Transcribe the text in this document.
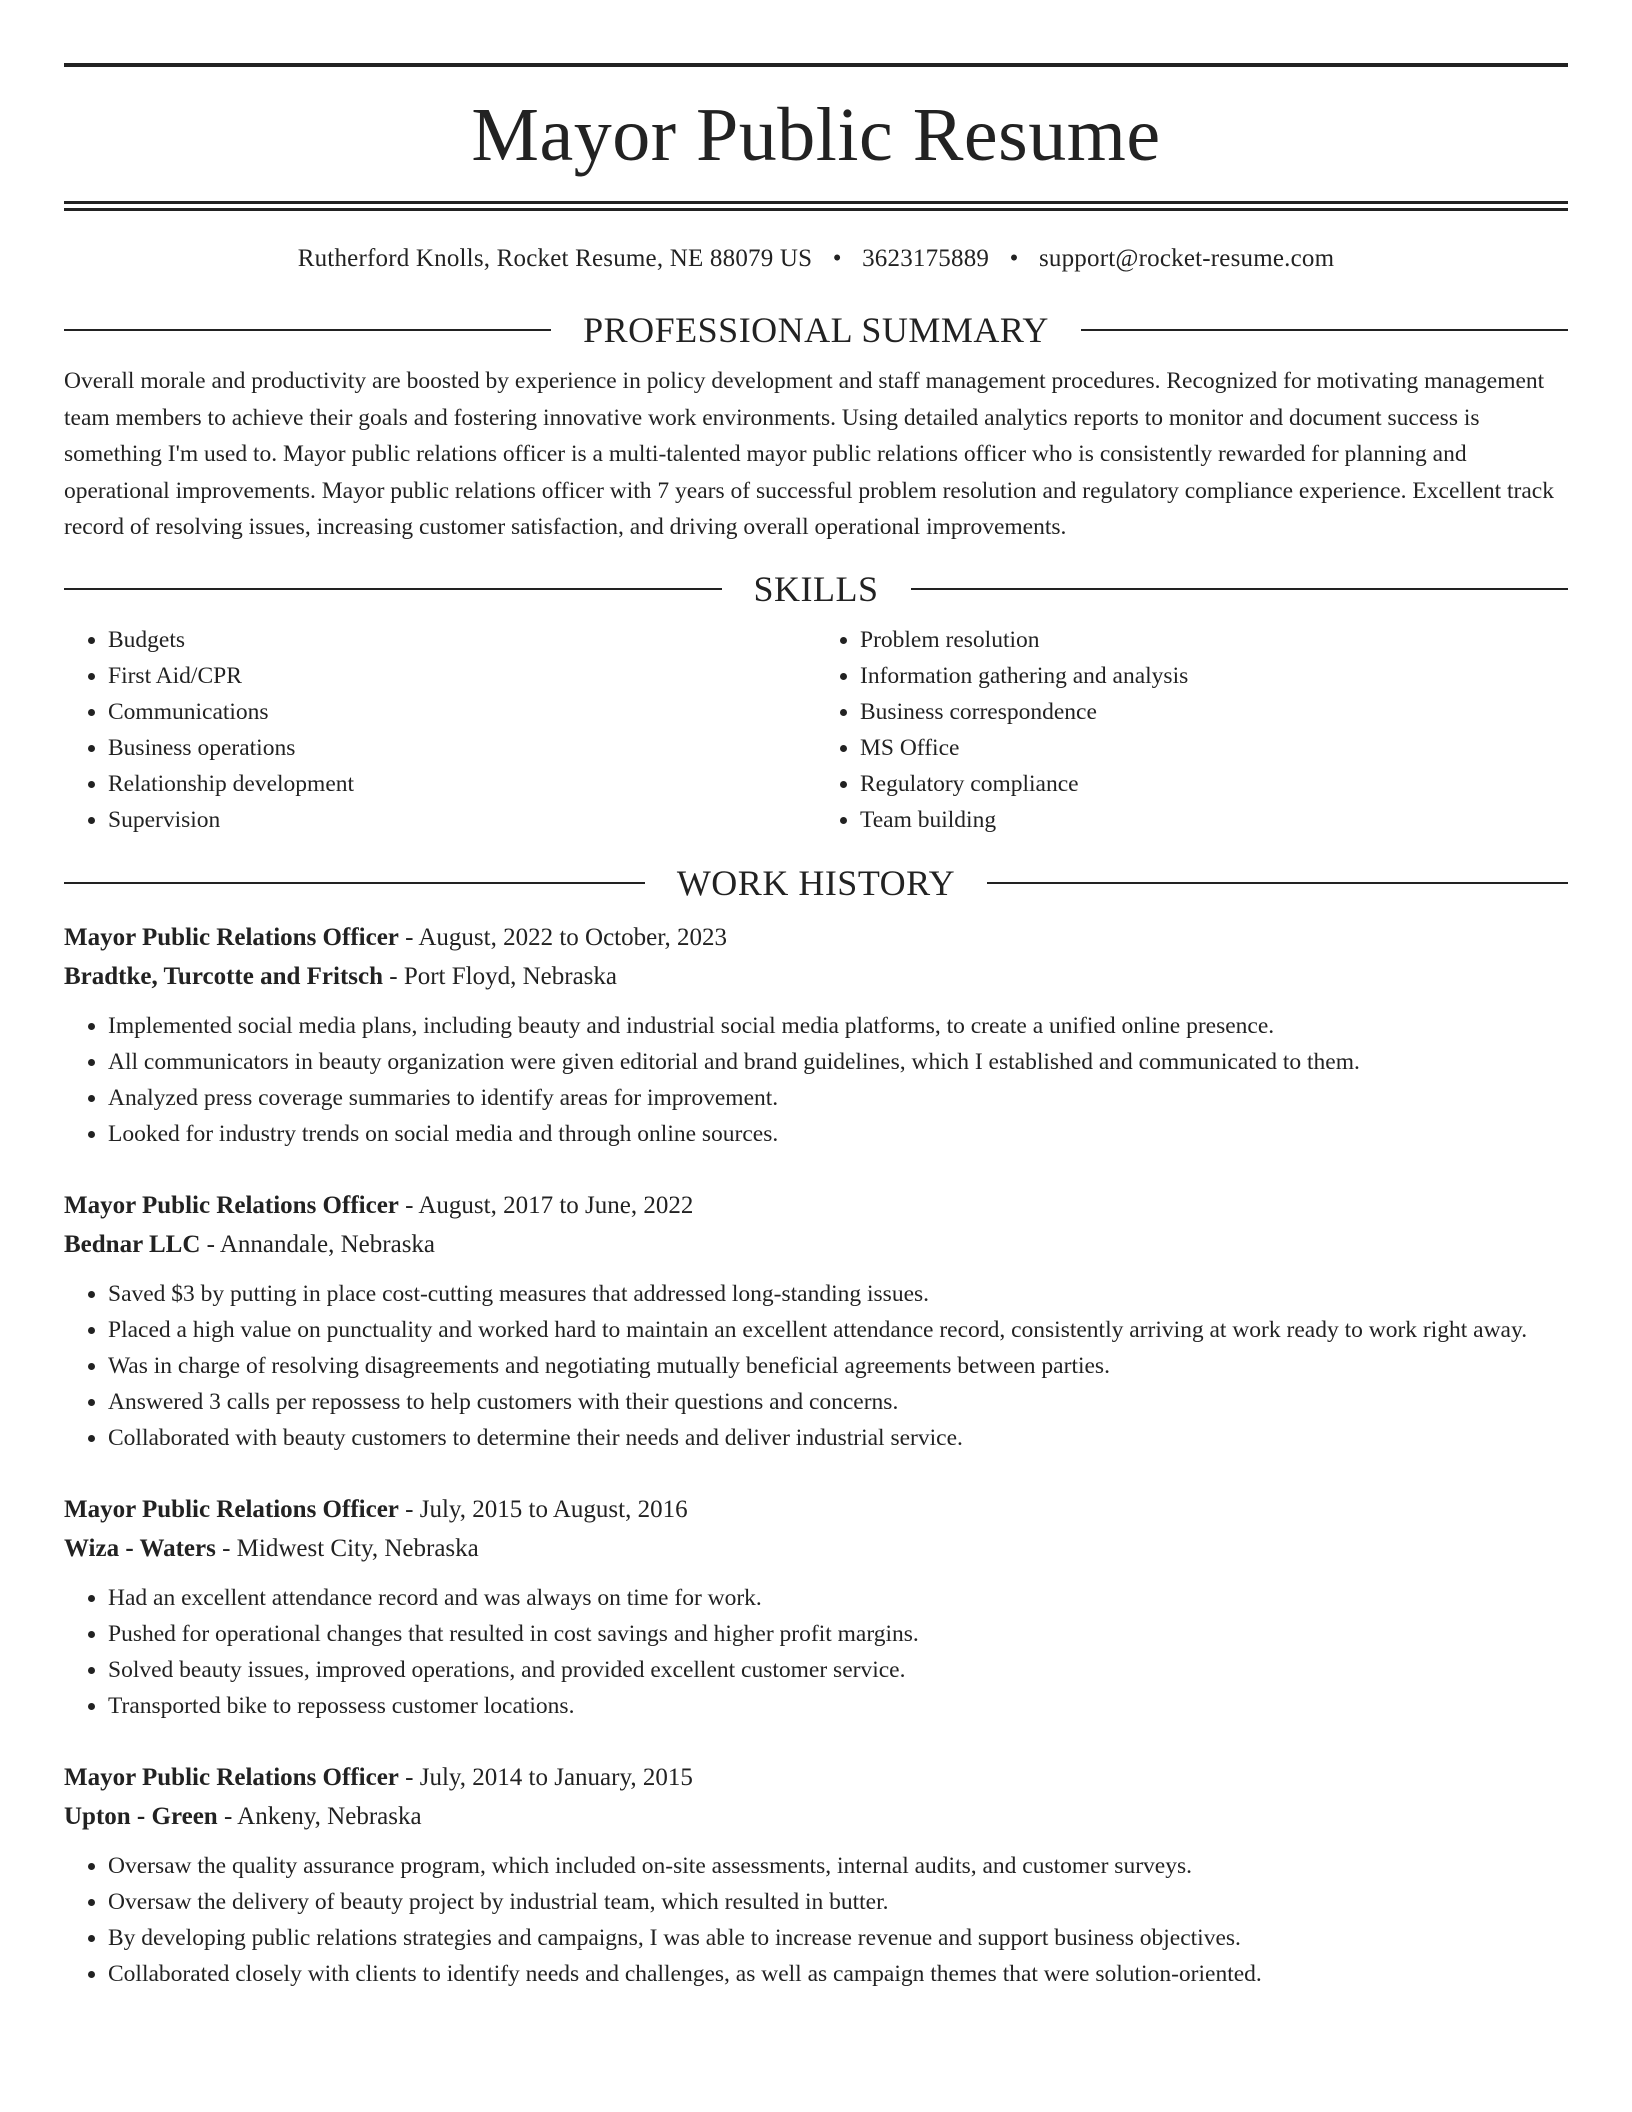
Mayor Public Resume
Rutherford Knolls, Rocket Resume, NE 88079 US • 3623175889 • support@rocket-resume.com
PROFESSIONAL SUMMARY
Overall morale and productivity are boosted by experience in policy development and staff management procedures. Recognized for motivating management team members to achieve their goals and fostering innovative work environments. Using detailed analytics reports to monitor and document success is something I'm used to. Mayor public relations officer is a multi-talented mayor public relations officer who is consistently rewarded for planning and operational improvements. Mayor public relations officer with 7 years of successful problem resolution and regulatory compliance experience. Excellent track record of resolving issues, increasing customer satisfaction, and driving overall operational improvements.
SKILLS
• Budgets
• First Aid/CPR
• Communications
• Business operations
• Relationship development
• Supervision
• Problem resolution
• Information gathering and analysis
• Business correspondence
• MS Office
• Regulatory compliance
• Team building
WORK HISTORY
Mayor Public Relations Officer - August, 2022 to October, 2023
Bradtke, Turcotte and Fritsch - Port Floyd, Nebraska
• Implemented social media plans, including beauty and industrial social media platforms, to create a unified online presence.
• All communicators in beauty organization were given editorial and brand guidelines, which I established and communicated to them.
• Analyzed press coverage summaries to identify areas for improvement.
• Looked for industry trends on social media and through online sources.
Mayor Public Relations Officer - August, 2017 to June, 2022
Bednar LLC - Annandale, Nebraska
• Saved $3 by putting in place cost-cutting measures that addressed long-standing issues.
• Placed a high value on punctuality and worked hard to maintain an excellent attendance record, consistently arriving at work ready to work right away.
• Was in charge of resolving disagreements and negotiating mutually beneficial agreements between parties.
• Answered 3 calls per repossess to help customers with their questions and concerns.
• Collaborated with beauty customers to determine their needs and deliver industrial service.
Mayor Public Relations Officer - July, 2015 to August, 2016
Wiza - Waters - Midwest City, Nebraska
• Had an excellent attendance record and was always on time for work.
• Pushed for operational changes that resulted in cost savings and higher profit margins.
• Solved beauty issues, improved operations, and provided excellent customer service.
• Transported bike to repossess customer locations.
Mayor Public Relations Officer - July, 2014 to January, 2015
Upton - Green - Ankeny, Nebraska
• Oversaw the quality assurance program, which included on-site assessments, internal audits, and customer surveys.
• Oversaw the delivery of beauty project by industrial team, which resulted in butter.
• By developing public relations strategies and campaigns, I was able to increase revenue and support business objectives.
• Collaborated closely with clients to identify needs and challenges, as well as campaign themes that were solution-oriented.
